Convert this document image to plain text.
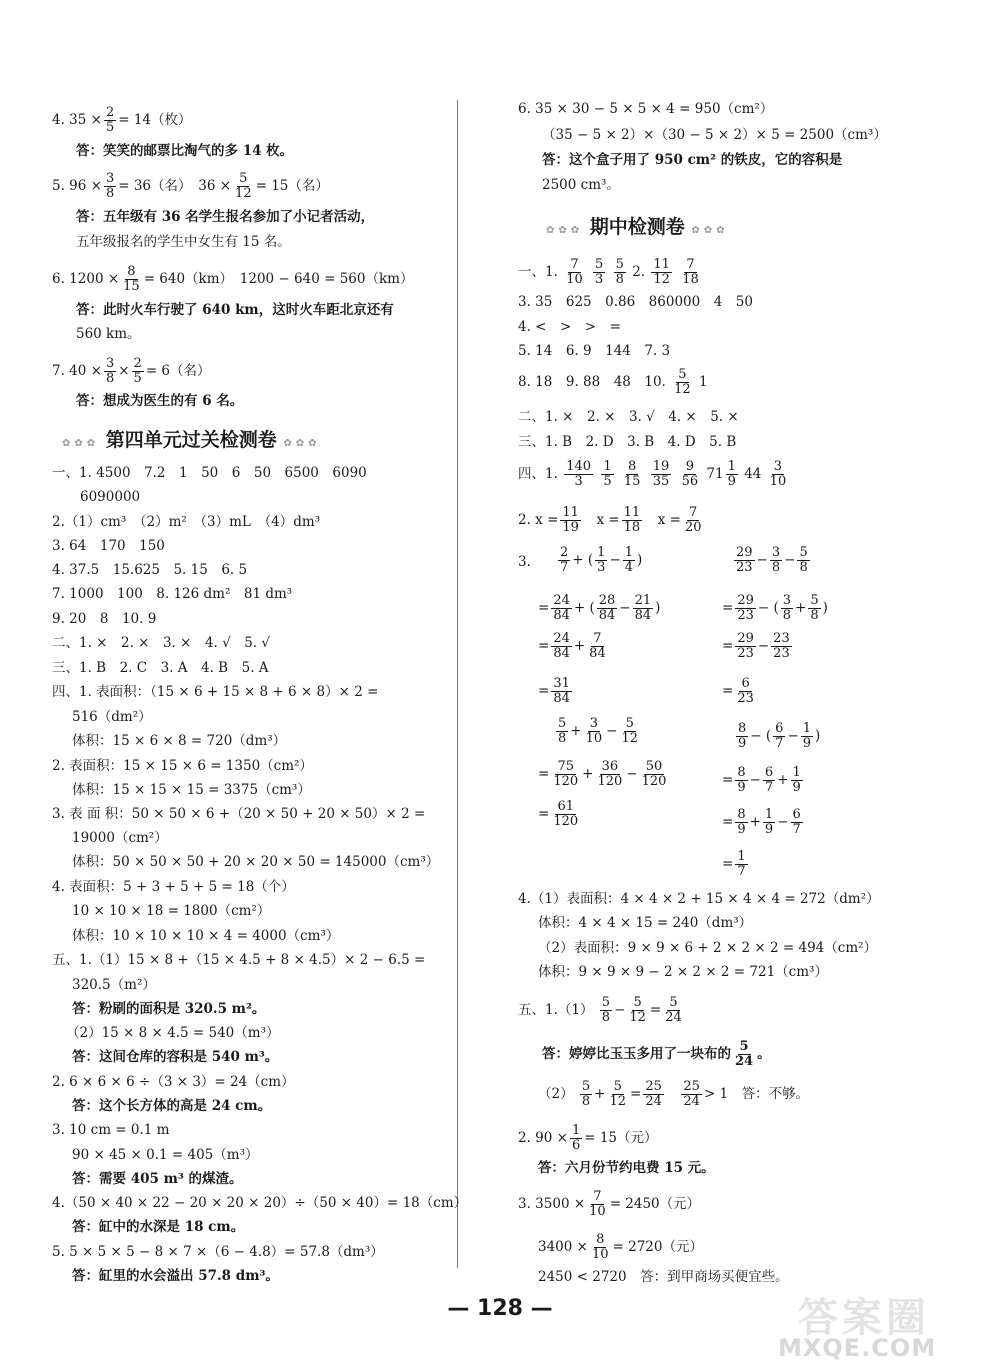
4. $35 \times \frac{2}{5} = 14$（枚）
答：笑笑的邮票比淘气的多 14 枚。
5. $96 \times \frac{3}{8} = 36$（名）　$36 \times \frac{5}{12} = 15$（名）
答：五年级有 36 名学生报名参加了小记者活动，
五年级报名的学生中女生有 15 名。
6. $1200 \times \frac{8}{15} = 640(km)$　1200 − 640 = 560（km）
答：此时火车行驶了 640 km，这时火车距北京还有
560 km。
7. $40 \times \frac{3}{8} \times \frac{2}{5} = 6$（名）
答：想成为医生的有 6 名。
✿✿✿ 第四单元过关检测卷 ✿✿✿
一、1. 4500　7.2　1　50　6　50　6500　6090
6090000
2.（1）cm³　（2）m²　（3）mL　（4）dm³
3. 64　170　150
4. 37.5　15.625　5. 15　6. 5
7. 1000　100　8. 126 dm²　81 dm³
9. 20　8　10. 9
二、1. ×　2. ×　3. ×　4. √　5. √
三、1. B　2. C　3. A　4. B　5. A
四、1. 表面积：（15 × 6 + 15 × 8 + 6 × 8）× 2 =
516（dm²）
体积：15 × 6 × 8 = 720（dm³）
2. 表面积：15 × 15 × 6 = 1350（cm²）
体积：15 × 15 × 15 = 3375（cm³）
3. 表 面 积：50 × 50 × 6 +（20 × 50 + 20 × 50）× 2 =
19000（cm²）
体积：50 × 50 × 50 + 20 × 20 × 50 = 145000（cm³）
4. 表面积：5 + 3 + 5 + 5 = 18（个）
10 × 10 × 18 = 1800（cm²）
体积：10 × 10 × 10 × 4 = 4000（cm³）
五、1.（1）15 × 8 +（15 × 4.5 + 8 × 4.5）× 2 − 6.5 =
320.5（m²）
答：粉刷的面积是 320.5 m²。
（2）15 × 8 × 4.5 = 540（m³）
答：这间仓库的容积是 540 m³。
2. 6 × 6 × 6 ÷（3 × 3）= 24（cm）
答：这个长方体的高是 24 cm。
3. 10 cm = 0.1 m
90 × 45 × 0.1 = 405（m³）
答：需要 405 m³ 的煤渣。
4.（50 × 40 × 22 − 20 × 20 × 20）÷（50 × 40）= 18（cm）
答：缸中的水深是 18 cm。
5. 5 × 5 × 5 − 8 × 7 ×（6 − 4.8）= 57.8（dm³）
答：缸里的水会溢出 57.8 dm³。
6. 35 × 30 − 5 × 5 × 4 = 950（cm²）
（35 − 5 × 2）×（30 − 5 × 2）× 5 = 2500（cm³）
答：这个盒子用了 950 cm² 的铁皮，它的容积是
2500 cm³。
✿✿✿ 期中检测卷 ✿✿✿
一、1. $\frac{7}{10}$
$\frac{5}{3}$
$\frac{5}{8} 2$. $\frac{11}{12}$
$\frac{7}{18}$
3. 35　625　0.86　860000　4　50
4. <　>　>　=
5. 14　6. 9　144　7. 3
8. 18　9. 88　48　10. $\frac{5}{12} 1$
二、1. ×　2. ×　3. √　4. ×　5. ×
三、1. B　2. D　3. B　4. D　5. B
四、1. $\frac{140}{3}$
$\frac{1}{5}$
$\frac{8}{15}$
$\frac{19}{35}$
$\frac{9}{56} 71 \frac{1}{9} 44 \frac{3}{10}$
2. $x = \frac{11}{19}$
　 $x = \frac{11}{18}$
　 $x = \frac{7}{20}$
3. $\frac{2}{7}$ + ( $\frac{1}{3} - \frac{1}{4}$ )
= $\frac{24}{84}$ + ( $\frac{28}{84} - \frac{21}{84}$ )
= $\frac{24}{84} + \frac{7}{84}$
= $\frac{31}{84}$
$\frac{5}{8} + \frac{3}{10} - \frac{5}{12}$
= $\frac{75}{120} + \frac{36}{120} - \frac{50}{120}$
= $\frac{61}{120}$
$\frac{29}{23} - \frac{3}{8} - \frac{5}{8}$
= $\frac{29}{23}$ − ( $\frac{3}{8} + \frac{5}{8}$ )
= $\frac{29}{23} - \frac{23}{23}$
= $\frac{6}{23}$
$\frac{8}{9}$ − ( $\frac{6}{7} - \frac{1}{9}$ )
= $\frac{8}{9} - \frac{6}{7} + \frac{1}{9}$
= $\frac{8}{9} + \frac{1}{9} - \frac{6}{7}$
= $\frac{1}{7}$
4.（1）表面积：4 × 4 × 2 + 15 × 4 × 4 = 272（dm²）
体积：4 × 4 × 15 = 240（dm³）
（2）表面积：9 × 9 × 6 + 2 × 2 × 2 = 494（cm²）
体积：9 × 9 × 9 − 2 × 2 × 2 = 721（cm³）
五、$1.(1) \frac{5}{8} - \frac{5}{12} = \frac{5}{24}$
答：婷婷比玉玉多用了一块布的 $\frac{5}{24}$ 。
$(2) \frac{5}{8} + \frac{5}{12} = \frac{25}{24}$
　 $\frac{25}{24} > 1$　答：不够。
2. $90 \times \frac{1}{6} = 15$（元）
答：六月份节约电费 15 元。
3. $3500 \times \frac{7}{10} = 2450$（元）
$3400 \times \frac{8}{10} = 2720$（元）
2450 < 2720　答：到甲商场买便宜些。
— 128 —	答案圈
MXQE.COM
